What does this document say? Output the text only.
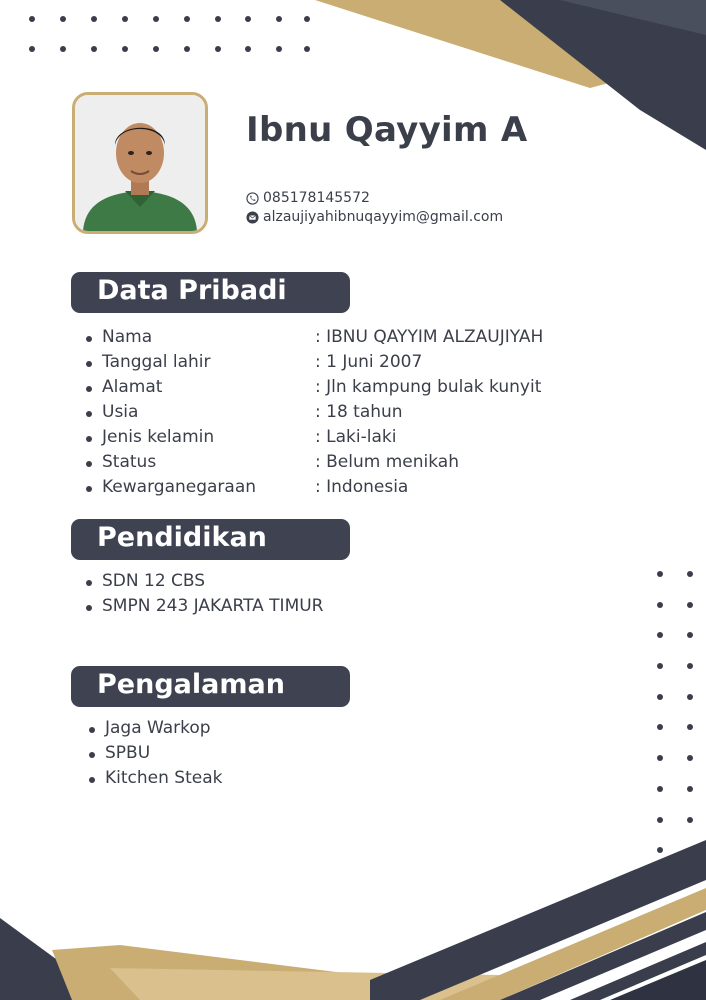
Ibnu Qayyim A
085178145572
alzaujiyahibnuqayyim@gmail.com
Data Pribadi
Nama	: IBNU QAYYIM ALZAUJIYAH
Tanggal lahir	: 1 Juni 2007
Alamat	: Jln kampung bulak kunyit
Usia	: 18 tahun
Jenis kelamin	: Laki-laki
Status	: Belum menikah
Kewarganegaraan	: Indonesia
Pendidikan
SDN 12 CBS
SMPN 243 JAKARTA TIMUR
Pengalaman
Jaga Warkop
SPBU
Kitchen Steak
